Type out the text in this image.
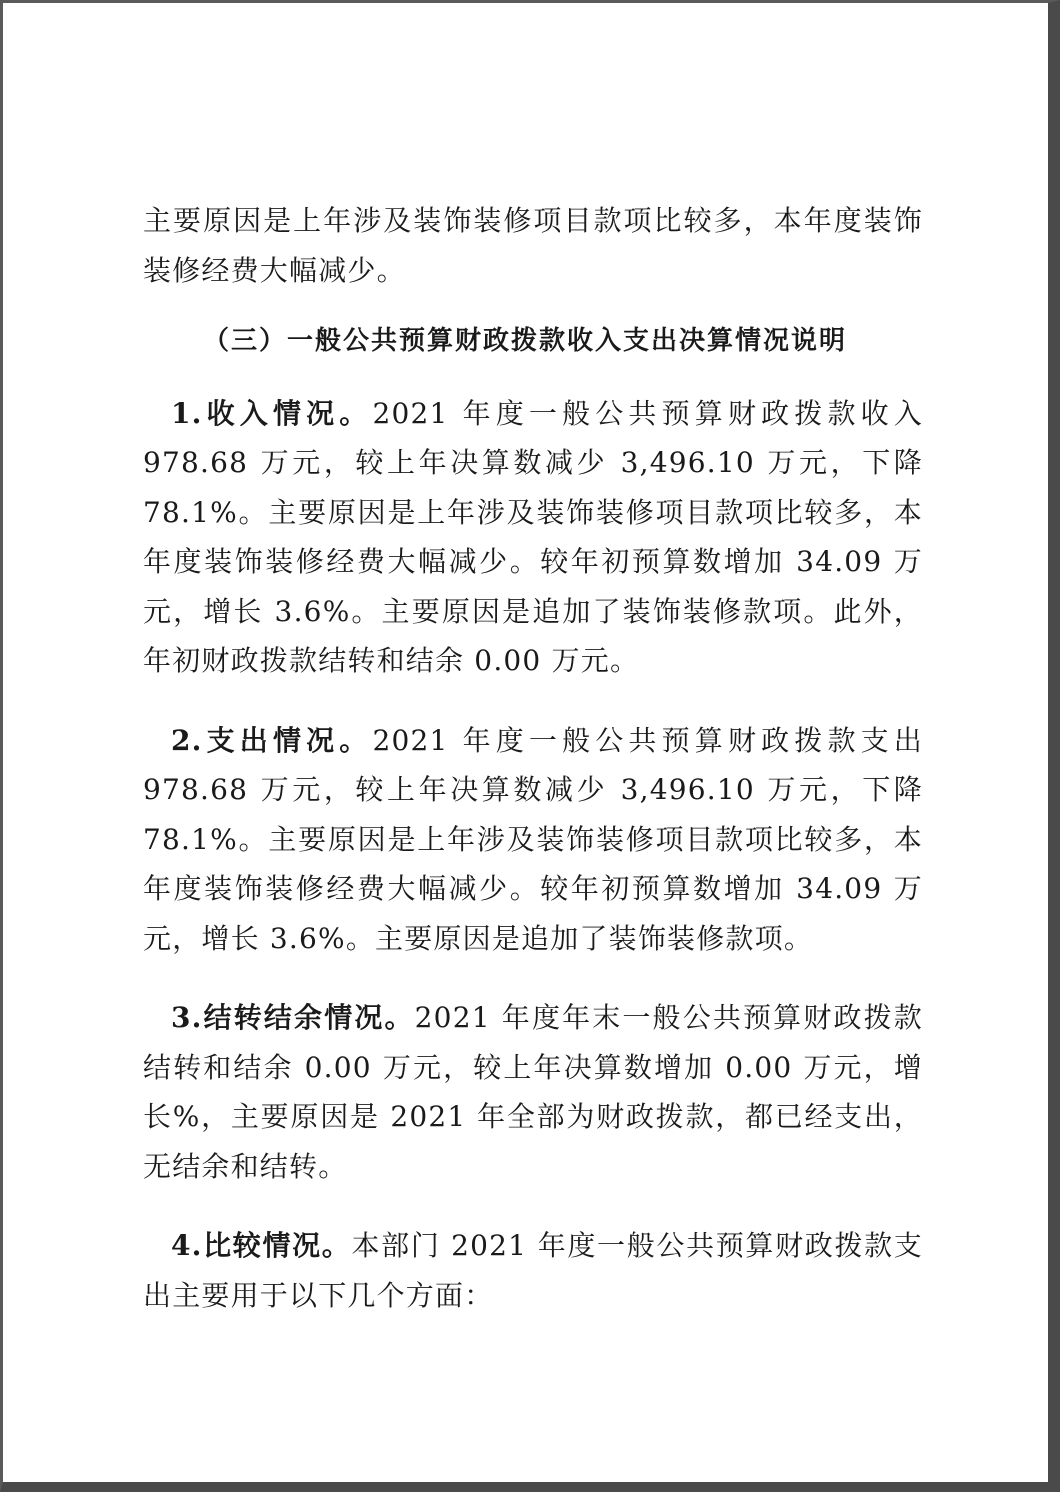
主要原因是上年涉及装饰装修项目款项比较多，本年度装饰装修经费大幅减少。

（三）一般公共预算财政拨款收入支出决算情况说明

1.收入情况。2021 年度一般公共预算财政拨款收入 978.68 万元，较上年决算数减少 3,496.10 万元，下降 78.1%。主要原因是上年涉及装饰装修项目款项比较多，本年度装饰装修经费大幅减少。较年初预算数增加 34.09 万元，增长 3.6%。主要原因是追加了装饰装修款项。此外，年初财政拨款结转和结余 0.00 万元。

2.支出情况。2021 年度一般公共预算财政拨款支出 978.68 万元，较上年决算数减少 3,496.10 万元，下降 78.1%。主要原因是上年涉及装饰装修项目款项比较多，本年度装饰装修经费大幅减少。较年初预算数增加 34.09 万元，增长 3.6%。主要原因是追加了装饰装修款项。

3.结转结余情况。2021 年度年末一般公共预算财政拨款结转和结余 0.00 万元，较上年决算数增加 0.00 万元，增长%，主要原因是 2021 年全部为财政拨款，都已经支出，无结余和结转。

4.比较情况。本部门 2021 年度一般公共预算财政拨款支出主要用于以下几个方面：
